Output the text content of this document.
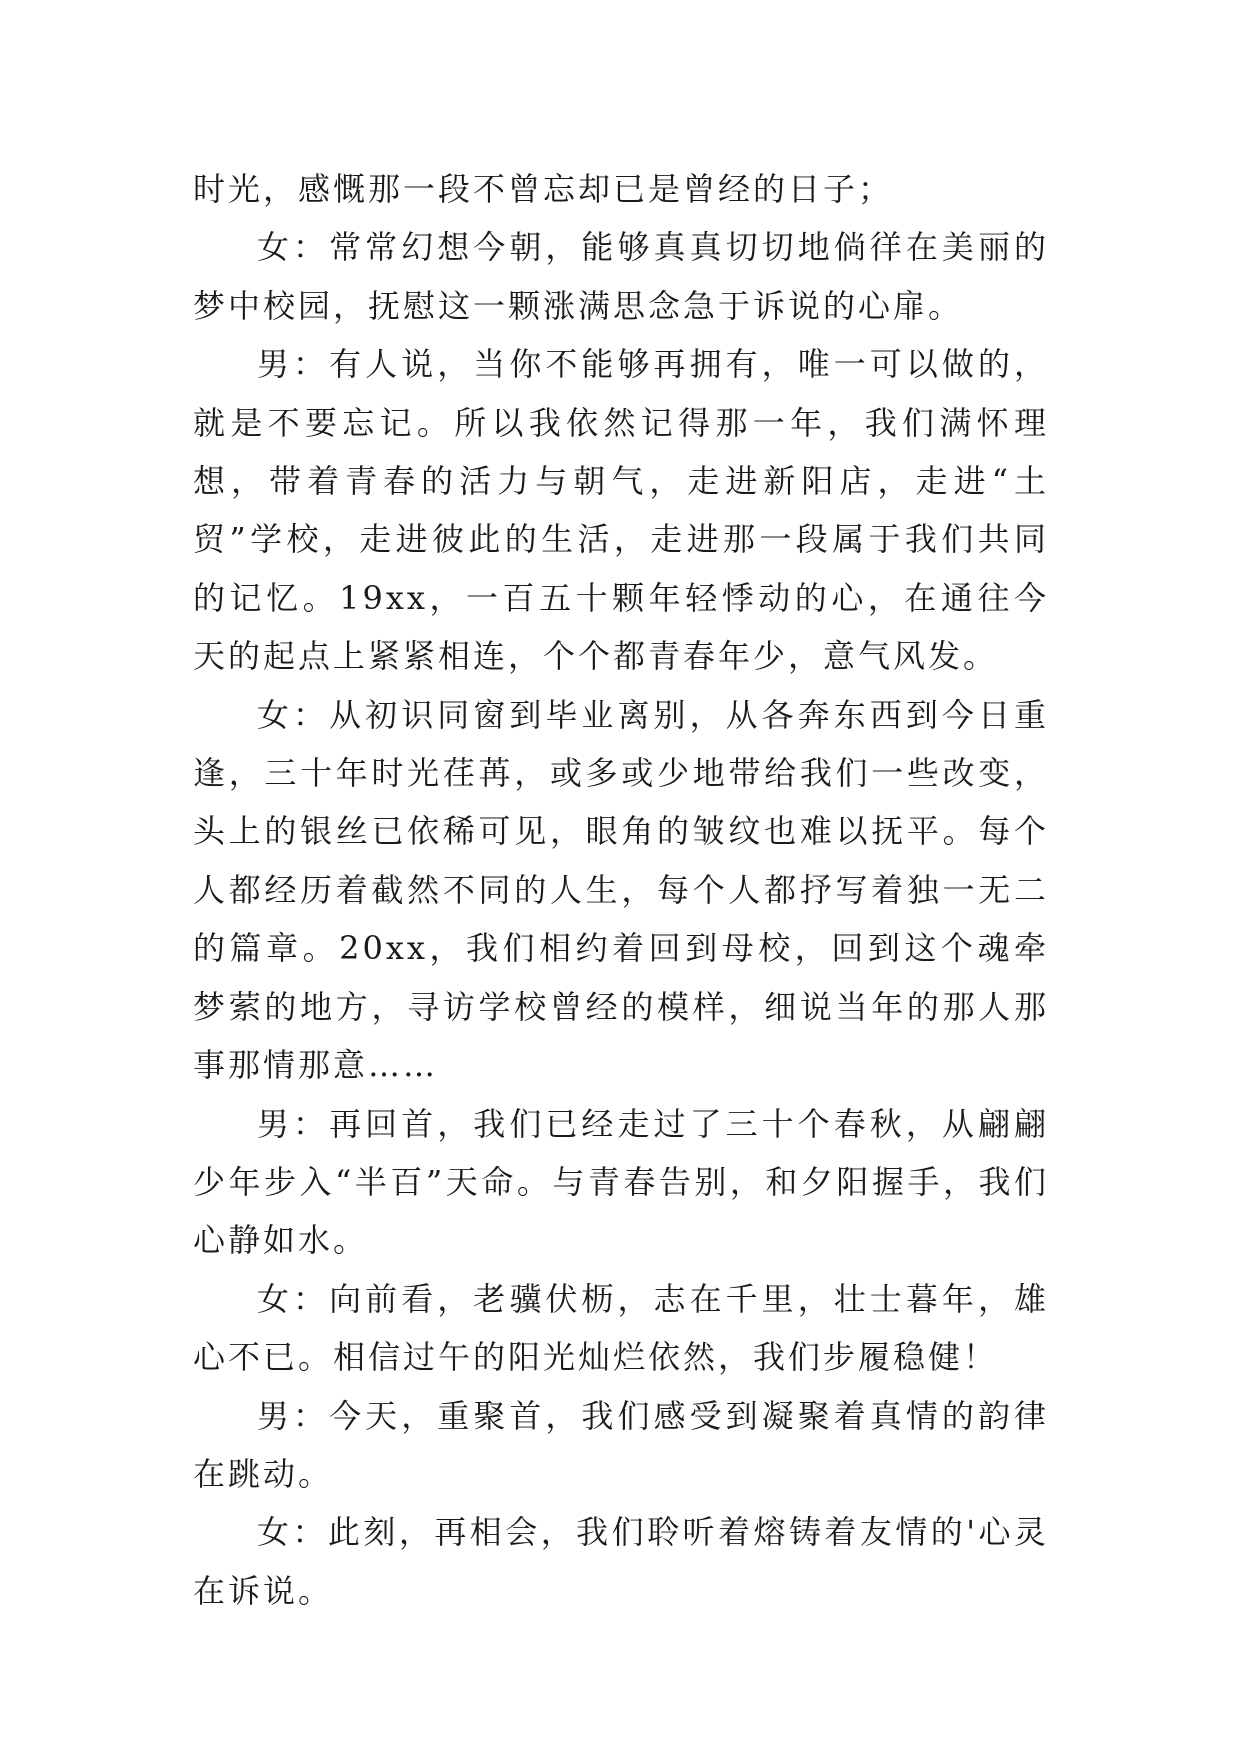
时光，感慨那一段不曾忘却已是曾经的日子；

女：常常幻想今朝，能够真真切切地倘徉在美丽的梦中校园，抚慰这一颗涨满思念急于诉说的心扉。

男：有人说，当你不能够再拥有，唯一可以做的，就是不要忘记。所以我依然记得那一年，我们满怀理想，带着青春的活力与朝气，走进新阳店，走进“土贸”学校，走进彼此的生活，走进那一段属于我们共同的记忆。19xx，一百五十颗年轻悸动的心，在通往今天的起点上紧紧相连，个个都青春年少，意气风发。

女：从初识同窗到毕业离别，从各奔东西到今日重逢，三十年时光荏苒，或多或少地带给我们一些改变，头上的银丝已依稀可见，眼角的皱纹也难以抚平。每个人都经历着截然不同的人生，每个人都抒写着独一无二的篇章。20xx，我们相约着回到母校，回到这个魂牵梦萦的地方，寻访学校曾经的模样，细说当年的那人那事那情那意……

男：再回首，我们已经走过了三十个春秋，从翩翩少年步入“半百”天命。与青春告别，和夕阳握手，我们心静如水。

女：向前看，老骥伏枥，志在千里，壮士暮年，雄心不已。相信过午的阳光灿烂依然，我们步履稳健！

男：今天，重聚首，我们感受到凝聚着真情的韵律在跳动。

女：此刻，再相会，我们聆听着熔铸着友情的'心灵在诉说。
